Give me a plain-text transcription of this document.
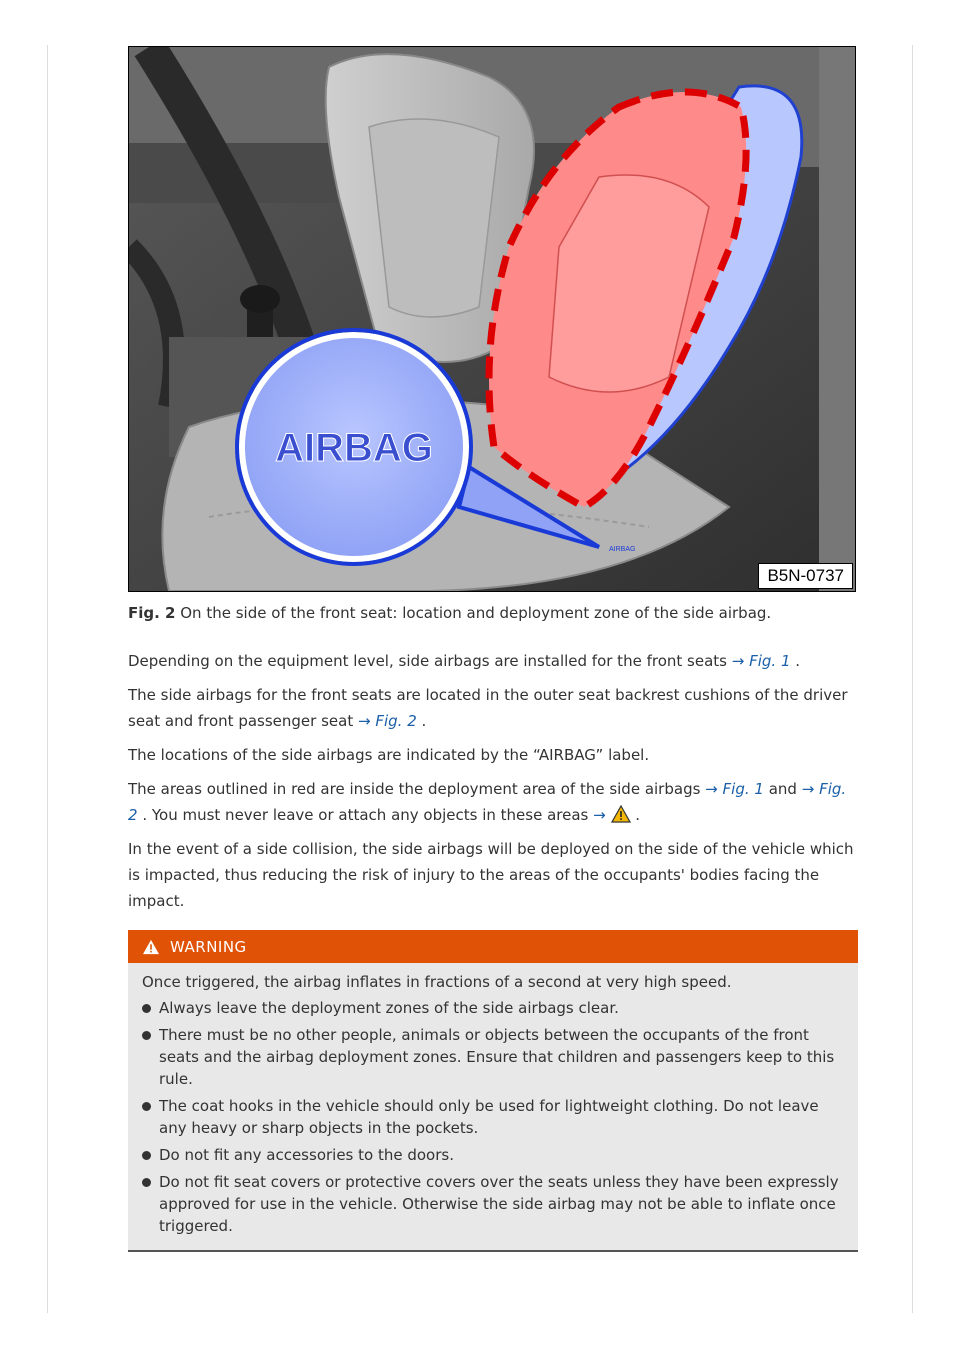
AIRBAG
AIRBAG
B5N-0737
Fig. 2 On the side of the front seat: location and deployment zone of the side airbag.

Depending on the equipment level, side airbags are installed for the front seats → Fig. 1 .

The side airbags for the front seats are located in the outer seat backrest cushions of the driver seat and front passenger seat → Fig. 2 .

The locations of the side airbags are indicated by the “AIRBAG” label.

The areas outlined in red are inside the deployment area of the side airbags → Fig. 1 and → Fig. 2 . You must never leave or attach any objects in these areas →  .

In the event of a side collision, the side airbags will be deployed on the side of the vehicle which is impacted, thus reducing the risk of injury to the areas of the occupants' bodies facing the impact.

WARNING

Once triggered, the airbag inflates in fractions of a second at very high speed.

Always leave the deployment zones of the side airbags clear.
There must be no other people, animals or objects between the occupants of the front seats and the airbag deployment zones. Ensure that children and passengers keep to this rule.
The coat hooks in the vehicle should only be used for lightweight clothing. Do not leave any heavy or sharp objects in the pockets.
Do not fit any accessories to the doors.
Do not fit seat covers or protective covers over the seats unless they have been expressly approved for use in the vehicle. Otherwise the side airbag may not be able to inflate once triggered.
